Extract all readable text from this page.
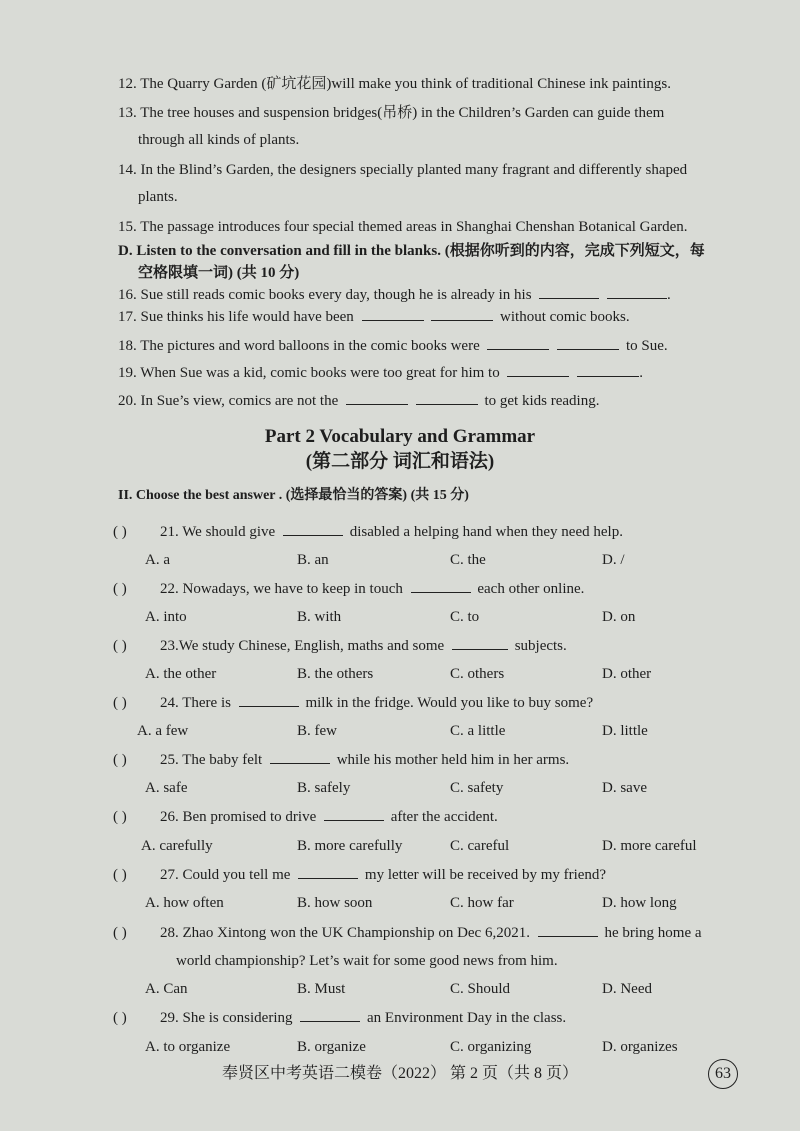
12. The Quarry Garden (矿坑花园)will make you think of traditional Chinese ink paintings.
13. The tree houses and suspension bridges(吊桥) in the Children’s Garden can guide them
through all kinds of plants.
14. In the Blind’s Garden, the designers specially planted many fragrant and differently shaped
plants.
15. The passage introduces four special themed areas in Shanghai Chenshan Botanical Garden.
D. Listen to the conversation and fill in the blanks. (根据你听到的内容，完成下列短文，每
空格限填一词) (共 10 分)
16. Sue still reads comic books every day, though he is already in his	.
17. Sue thinks his life would have been	without comic books.
18. The pictures and word balloons in the comic books were	to Sue.
19. When Sue was a kid, comic books were too great for him to	.
20. In Sue’s view, comics are not the	to get kids reading.
Part 2 Vocabulary and Grammar
(第二部分 词汇和语法)
II. Choose the best answer . (选择最恰当的答案) (共 15 分)
( ) 21. We should give	disabled a helping hand when they need help.
A. a	B. an	C. the	D. /
( ) 22. Nowadays, we have to keep in touch	each other online.
A. into	B. with	C. to	D. on
( ) 23.We study Chinese, English, maths and some	subjects.
A. the other	B. the others	C. others	D. other
( ) 24. There is	milk in the fridge. Would you like to buy some?
A. a few	B. few	C. a little	D. little
( ) 25. The baby felt	while his mother held him in her arms.
A. safe	B. safely	C. safety	D. save
( ) 26. Ben promised to drive	after the accident.
A. carefully	B. more carefully	C. careful	D. more careful
( ) 27. Could you tell me	my letter will be received by my friend?
A. how often	B. how soon	C. how far	D. how long
( ) 28. Zhao Xintong won the UK Championship on Dec 6,2021.	he bring home a
world championship? Let’s wait for some good news from him.
A. Can	B. Must	C. Should	D. Need
( ) 29. She is considering	an Environment Day in the class.
A. to organize	B. organize	C. organizing	D. organizes
奉贤区中考英语二模卷（2022） 第 2 页（共 8 页）	63
